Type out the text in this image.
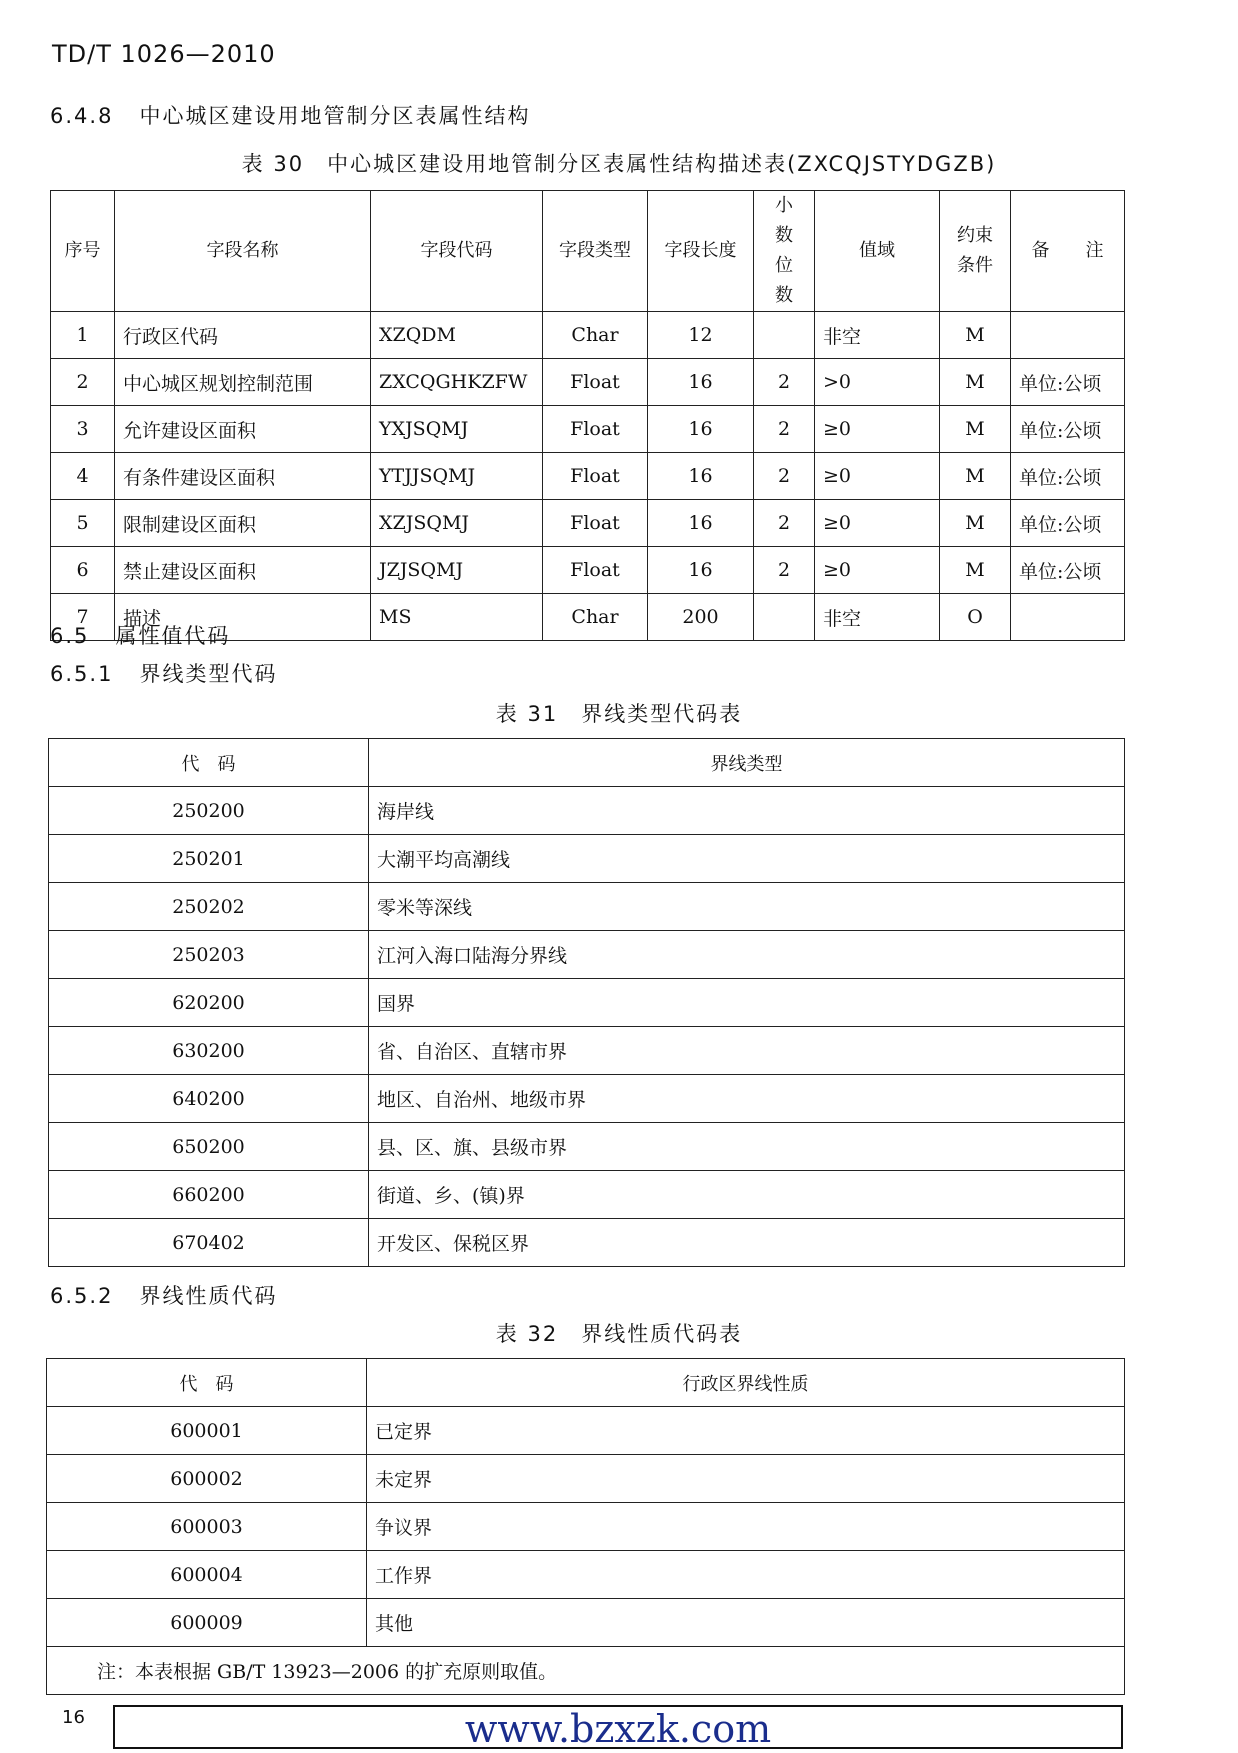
TD/T 1026—2010
6.4.8 中心城区建设用地管制分区表属性结构
表 30　中心城区建设用地管制分区表属性结构描述表(ZXCQJSTYDGZB)
序号	字段名称	字段代码	字段类型	字段长度	小数位数	值域	约束条件	备　　注
1	行政区代码	XZQDM	Char	12		非空	M	
2	中心城区规划控制范围	ZXCQGHKZFW	Float	16	2	>0	M	单位:公顷
3	允许建设区面积	YXJSQMJ	Float	16	2	≥0	M	单位:公顷
4	有条件建设区面积	YTJJSQMJ	Float	16	2	≥0	M	单位:公顷
5	限制建设区面积	XZJSQMJ	Float	16	2	≥0	M	单位:公顷
6	禁止建设区面积	JZJSQMJ	Float	16	2	≥0	M	单位:公顷
7	描述	MS	Char	200		非空	O	
6.5 属性值代码
6.5.1 界线类型代码
表 31　界线类型代码表
代　码	界线类型
250200	海岸线
250201	大潮平均高潮线
250202	零米等深线
250203	江河入海口陆海分界线
620200	国界
630200	省、自治区、直辖市界
640200	地区、自治州、地级市界
650200	县、区、旗、县级市界
660200	街道、乡、(镇)界
670402	开发区、保税区界
6.5.2 界线性质代码
表 32　界线性质代码表
代　码	行政区界线性质
600001	已定界
600002	未定界
600003	争议界
600004	工作界
600009	其他
注：本表根据 GB/T 13923—2006 的扩充原则取值。	
16	www.bzxzk.com
